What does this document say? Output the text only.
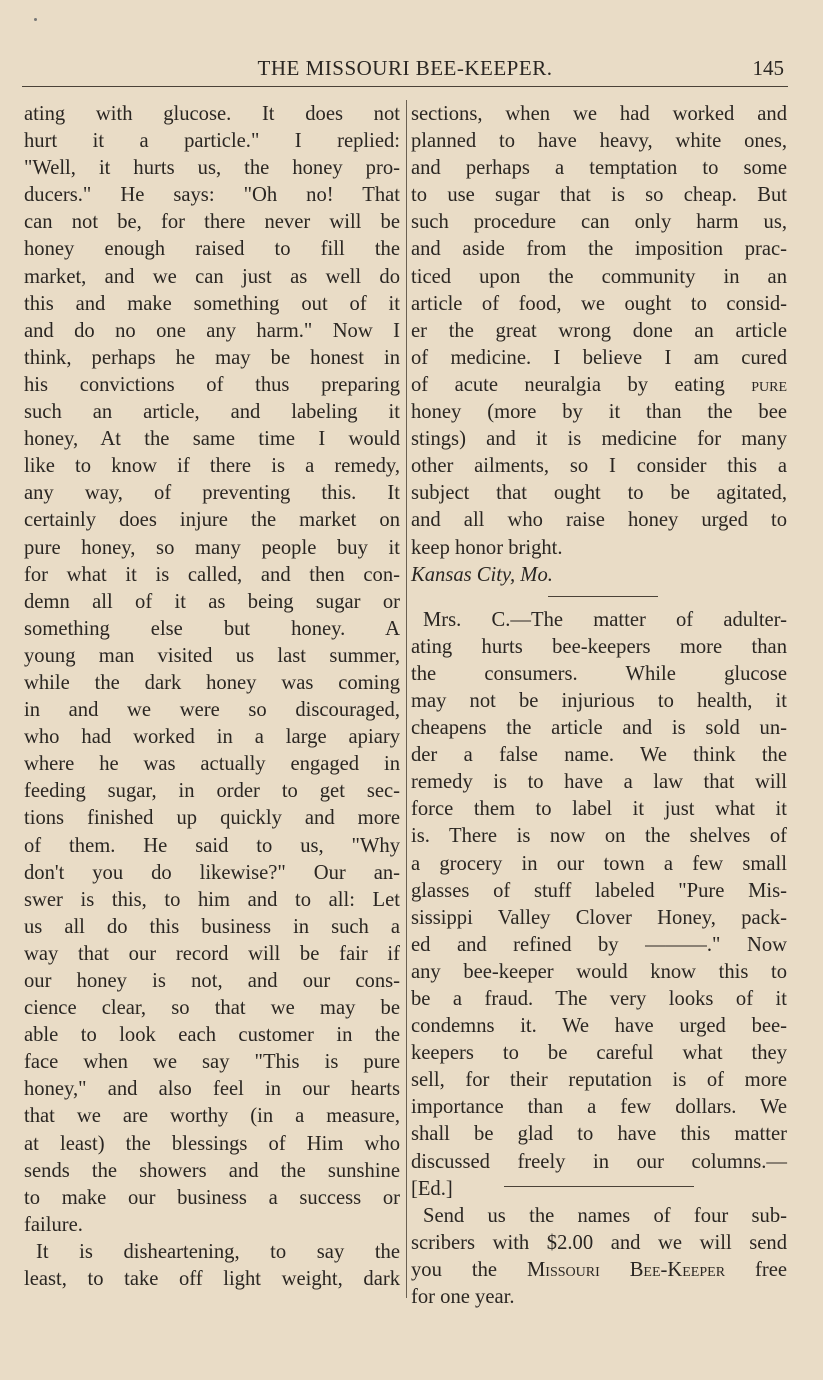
THE MISSOURI BEE-KEEPER.	145
ating with glucose. It does not
hurt it a particle." I replied:
"Well, it hurts us, the honey pro-
ducers." He says: "Oh no! That
can not be, for there never will be
honey enough raised to fill the
market, and we can just as well do
this and make something out of it
and do no one any harm." Now I
think, perhaps he may be honest in
his convictions of thus preparing
such an article, and labeling it
honey, At the same time I would
like to know if there is a remedy,
any way, of preventing this. It
certainly does injure the market on
pure honey, so many people buy it
for what it is called, and then con-
demn all of it as being sugar or
something else but honey. A
young man visited us last summer,
while the dark honey was coming
in and we were so discouraged,
who had worked in a large apiary
where he was actually engaged in
feeding sugar, in order to get sec-
tions finished up quickly and more
of them. He said to us, "Why
don't you do likewise?" Our an-
swer is this, to him and to all: Let
us all do this business in such a
way that our record will be fair if
our honey is not, and our cons-
cience clear, so that we may be
able to look each customer in the
face when we say "This is pure
honey," and also feel in our hearts
that we are worthy (in a measure,
at least) the blessings of Him who
sends the showers and the sunshine
to make our business a success or
failure.
It is disheartening, to say the
least, to take off light weight, dark
sections, when we had worked and
planned to have heavy, white ones,
and perhaps a temptation to some
to use sugar that is so cheap. But
such procedure can only harm us,
and aside from the imposition prac-
ticed upon the community in an
article of food, we ought to consid-
er the great wrong done an article
of medicine. I believe I am cured
of acute neuralgia by eating pure
honey (more by it than the bee
stings) and it is medicine for many
other ailments, so I consider this a
subject that ought to be agitated,
and all who raise honey urged to
keep honor bright.
Kansas City, Mo.
Mrs. C.—The matter of adulter-
ating hurts bee-keepers more than
the consumers. While glucose
may not be injurious to health, it
cheapens the article and is sold un-
der a false name. We think the
remedy is to have a law that will
force them to label it just what it
is. There is now on the shelves of
a grocery in our town a few small
glasses of stuff labeled "Pure Mis-
sissippi Valley Clover Honey, pack-
ed and refined by ———." Now
any bee-keeper would know this to
be a fraud. The very looks of it
condemns it. We have urged bee-
keepers to be careful what they
sell, for their reputation is of more
importance than a few dollars. We
shall be glad to have this matter
discussed freely in our columns.—
[Ed.]
Send us the names of four sub-
scribers with $2.00 and we will send
you the Missouri Bee-Keeper free
for one year.
